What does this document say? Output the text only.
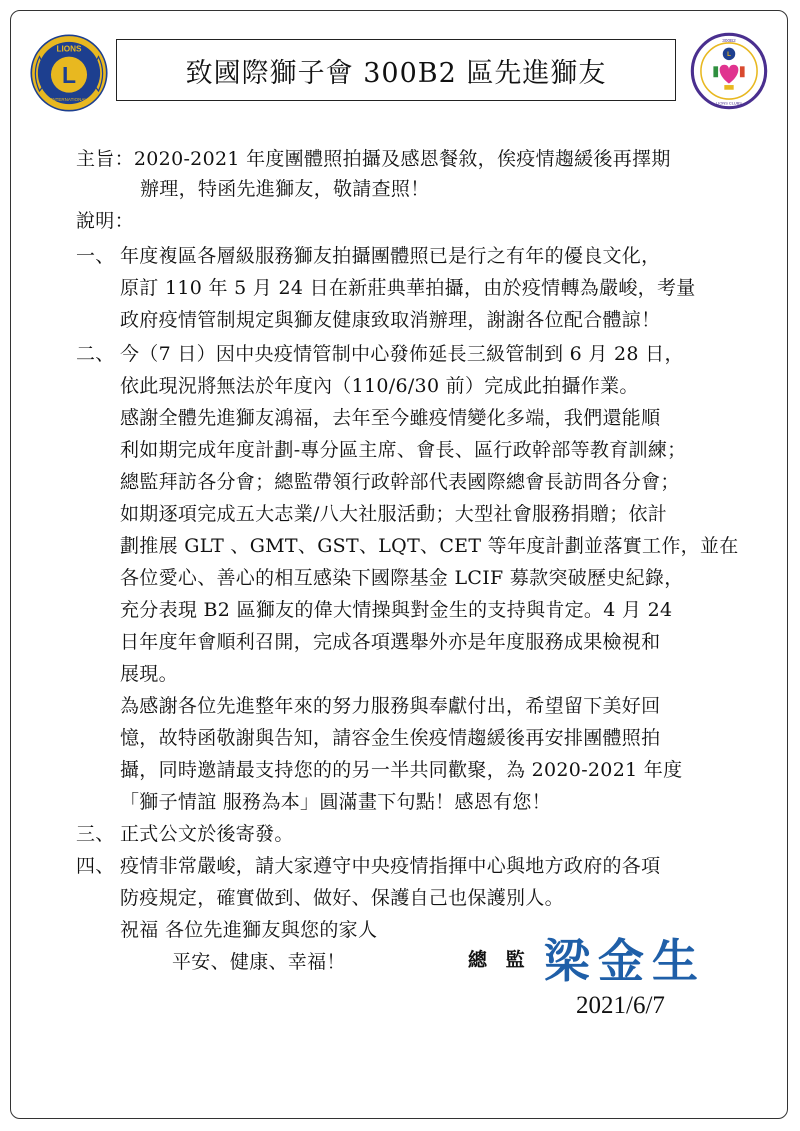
L
LIONS
INTERNATIONAL
致國際獅子會 300B2 區先進獅友
L
300B2
LIONS CLUBS
主旨：2020-2021 年度團體照拍攝及感恩餐敘，俟疫情趨緩後再擇期
辦理，特函先進獅友，敬請查照！
說明：
一、 年度複區各層級服務獅友拍攝團體照已是行之有年的優良文化，
原訂 110 年 5 月 24 日在新莊典華拍攝，由於疫情轉為嚴峻，考量
政府疫情管制規定與獅友健康致取消辦理，謝謝各位配合體諒！
二、 今（7 日）因中央疫情管制中心發佈延長三級管制到 6 月 28 日，
依此現況將無法於年度內（110/6/30 前）完成此拍攝作業。
感謝全體先進獅友鴻福，去年至今雖疫情變化多端，我們還能順
利如期完成年度計劃-專分區主席、會長、區行政幹部等教育訓練；
總監拜訪各分會；總監帶領行政幹部代表國際總會長訪問各分會；
如期逐項完成五大志業/八大社服活動；大型社會服務捐贈；依計
劃推展 GLT 、GMT、GST、LQT、CET 等年度計劃並落實工作，並在
各位愛心、善心的相互感染下國際基金 LCIF 募款突破歷史紀錄，
充分表現 B2 區獅友的偉大情操與對金生的支持與肯定。4 月 24
日年度年會順利召開，完成各項選舉外亦是年度服務成果檢視和
展現。
為感謝各位先進整年來的努力服務與奉獻付出，希望留下美好回
憶，故特函敬謝與告知，請容金生俟疫情趨緩後再安排團體照拍
攝，同時邀請最支持您的的另一半共同歡聚，為 2020-2021 年度
「獅子情誼 服務為本」圓滿畫下句點！感恩有您！
三、 正式公文於後寄發。
四、 疫情非常嚴峻，請大家遵守中央疫情指揮中心與地方政府的各項
防疫規定，確實做到、做好、保護自己也保護別人。
祝福 各位先進獅友與您的家人
平安、健康、幸福！	總 監 梁金生
2021/6/7
